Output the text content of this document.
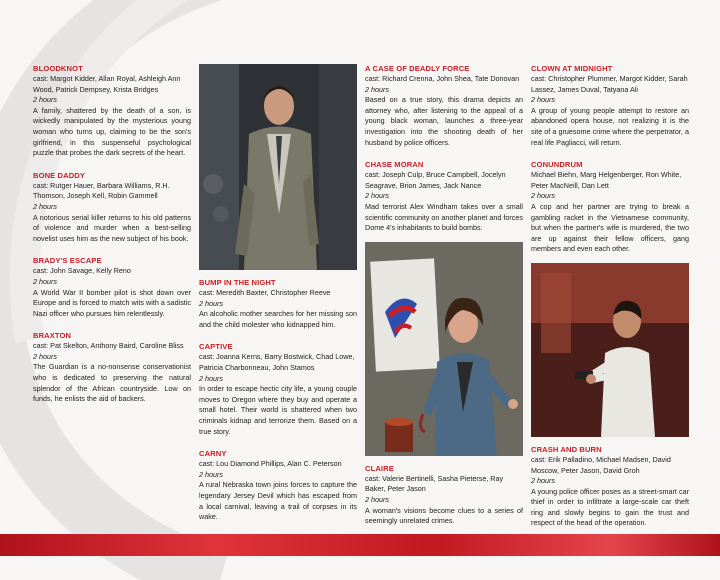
BLOODKNOT

cast: Margot Kidder, Allan Royal, Ashleigh Ann Wood, Patrick Dempsey, Krista Bridges

2 hours

A family, shattered by the death of a son, is wickedly manipulated by the mysterious young woman who turns up, claiming to be the son's girlfriend, in this suspenseful psychological puzzle that probes the dark secrets of the heart.

BONE DADDY

cast: Rutger Hauer, Barbara Williams, R.H. Thomson, Joseph Kell, Robin Gammell

2 hours

A notorious serial killer returns to his old patterns of violence and murder when a best-selling novelist uses him as the new subject of his book.

BRADY'S ESCAPE

cast: John Savage, Kelly Reno

2 hours

A World War II bomber pilot is shot down over Europe and is forced to match wits with a sadistic Nazi officer who pursues him relentlessly.

BRAXTON

cast: Pat Skelton, Anthony Baird, Caroline Bliss

2 hours

The Guardian is a no-nonsense conservationist who is dedicated to preserving the natural splendor of the African countryside. Low on funds, he enlists the aid of backers.

BUMP IN THE NIGHT

cast: Meredith Baxter, Christopher Reeve

2 hours

An alcoholic mother searches for her missing son and the child molester who kidnapped him.

CAPTIVE

cast: Joanna Kerns, Barry Bostwick, Chad Lowe, Patricia Charbonneau, John Stamos

2 hours

In order to escape hectic city life, a young couple moves to Oregon where they buy and operate a small hotel. Their world is shattered when two criminals kidnap and terrorize them. Based on a true story.

CARNY

cast: Lou Diamond Phillips, Alan C. Peterson

2 hours

A rural Nebraska town joins forces to capture the legendary Jersey Devil which has escaped from a local carnival, leaving a trail of corpses in its wake.

A CASE OF DEADLY FORCE

cast: Richard Crenna, John Shea, Tate Donovan

2 hours

Based on a true story, this drama depicts an attorney who, after listening to the appeal of a young black woman, launches a three-year investigation into the shooting death of her husband by police officers.

CHASE MORAN

cast: Joseph Culp, Bruce Campbell, Jocelyn Seagrave, Brion James, Jack Nance

2 hours

Mad terrorist Alex Windham takes over a small scientific community on another planet and forces Dome 4's inhabitants to build bombs.

CLAIRE

cast: Valerie Bertinelli, Sasha Pieterse, Ray Baker, Peter Jason

2 hours

A woman's visions become clues to a series of seemingly unrelated crimes.

CLOWN AT MIDNIGHT

cast: Christopher Plummer, Margot Kidder, Sarah Lassez, James Duval, Tatyana Ali

2 hours

A group of young people attempt to restore an abandoned opera house, not realizing it is the site of a gruesome crime where the perpetrator, a real life Pagliacci, will return.

CONUNDRUM

Michael Biehn, Marg Helgenberger, Ron White, Peter MacNeill, Dan Lett

2 hours

A cop and her partner are trying to break a gambling racket in the Vietnamese community, but when the partner's wife is murdered, the two are up against their fellow officers, gang members and even each other.

CRASH AND BURN

cast: Erik Palladino, Michael Madsen, David Moscow, Peter Jason, David Groh

2 hours

A young police officer poses as a street-smart car thief in order to infiltrate a large-scale car theft ring and slowly begins to gain the trust and respect of the head of the operation.
